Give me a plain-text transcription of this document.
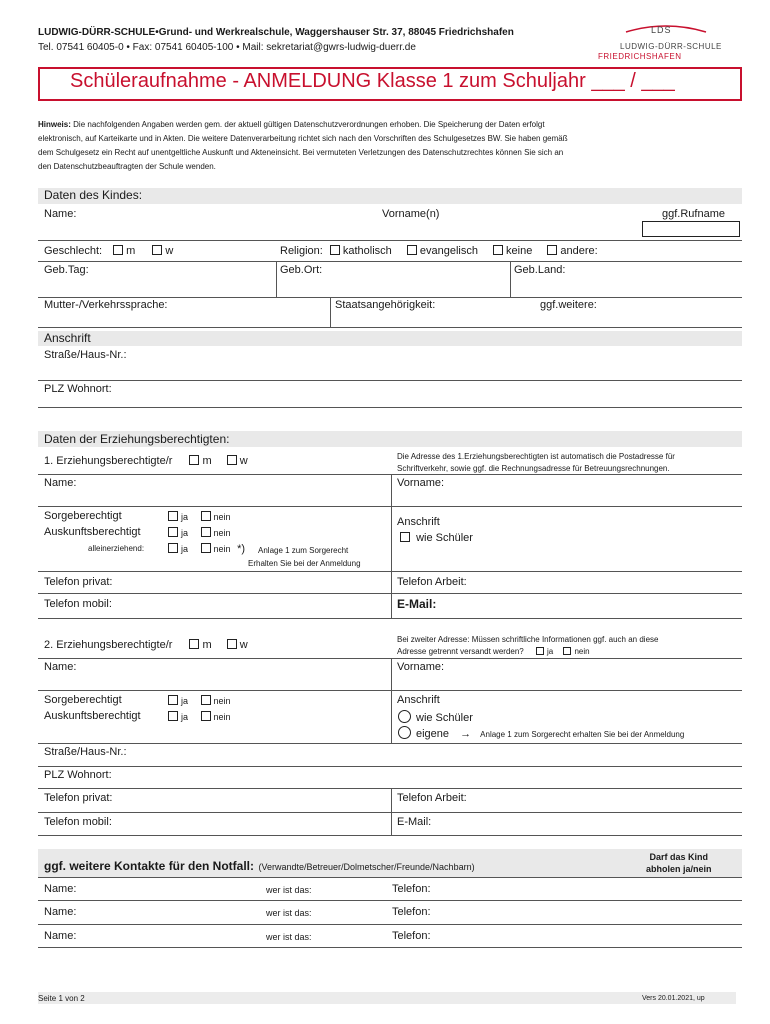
LUDWIG-DÜRR-SCHULE•Grund- und Werkrealschule, Waggershauser Str. 37, 88045 Friedrichshafen
Tel. 07541 60405-0 • Fax: 07541 60405-100 • Mail: sekretariat@gwrs-ludwig-duerr.de
LDS
LUDWIG-DÜRR-SCHULE
FRIEDRICHSHAFEN
Schüleraufnahme - ANMELDUNG Klasse 1 zum Schuljahr ___ / ___
Hinweis: Die nachfolgenden Angaben werden gem. der aktuell gültigen Datenschutzverordnungen erhoben. Die Speicherung der Daten erfolgt
elektronisch, auf Karteikarte und in Akten. Die weitere Datenverarbeitung richtet sich nach den Vorschriften des Schulgesetzes BW. Sie haben gemäß
dem Schulgesetz ein Recht auf unentgeltliche Auskunft und Akteneinsicht. Bei vermuteten Verletzungen des Datenschutzrechtes können Sie sich an
den Datenschutzbeauftragten der Schule wenden.
Daten des Kindes:
Name:	Vorname(n)	ggf.Rufname
Geschlecht: m	w	Religion: katholisch	evangelisch	keine	andere:
Geb.Tag:	Geb.Ort:	Geb.Land:
Mutter-/Verkehrssprache:	Staatsangehörigkeit:	ggf.weitere:
Anschrift
Straße/Haus-Nr.:
PLZ Wohnort:
Daten der Erziehungsberechtigten:
1. Erziehungsberechtigte/r	m	w	Die Adresse des 1.Erziehungsberechtigten ist automatisch die Postadresse für
Schriftverkehr, sowie ggf. die Rechnungsadresse für Betreuungsrechnungen.
Name:	Vorname:
Sorgeberechtigt	ja	nein
Auskunftsberechtigt	ja	nein
alleinerziehend:	ja	nein *) Anlage 1 zum Sorgerecht
Erhalten Sie bei der Anmeldung
Anschrift
wie Schüler
Telefon privat:	Telefon Arbeit:
Telefon mobil:	E-Mail:
2. Erziehungsberechtigte/r	m	w	Bei zweiter Adresse: Müssen schriftliche Informationen ggf. auch an diese
Adresse getrennt versandt werden?	ja	nein
Name:	Vorname:
Sorgeberechtigt	ja	nein
Auskunftsberechtigt	ja	nein
Anschrift
wie Schüler
eigene → Anlage 1 zum Sorgerecht erhalten Sie bei der Anmeldung
Straße/Haus-Nr.:
PLZ Wohnort:
Telefon privat:	Telefon Arbeit:
Telefon mobil:	E-Mail:
ggf. weitere Kontakte für den Notfall: (Verwandte/Betreuer/Dolmetscher/Freunde/Nachbarn)
Darf das Kind
abholen ja/nein
Name:	wer ist das:	Telefon:
Name:	wer ist das:	Telefon:
Name:	wer ist das:	Telefon:
Seite 1 von 2	Vers 20.01.2021, up
